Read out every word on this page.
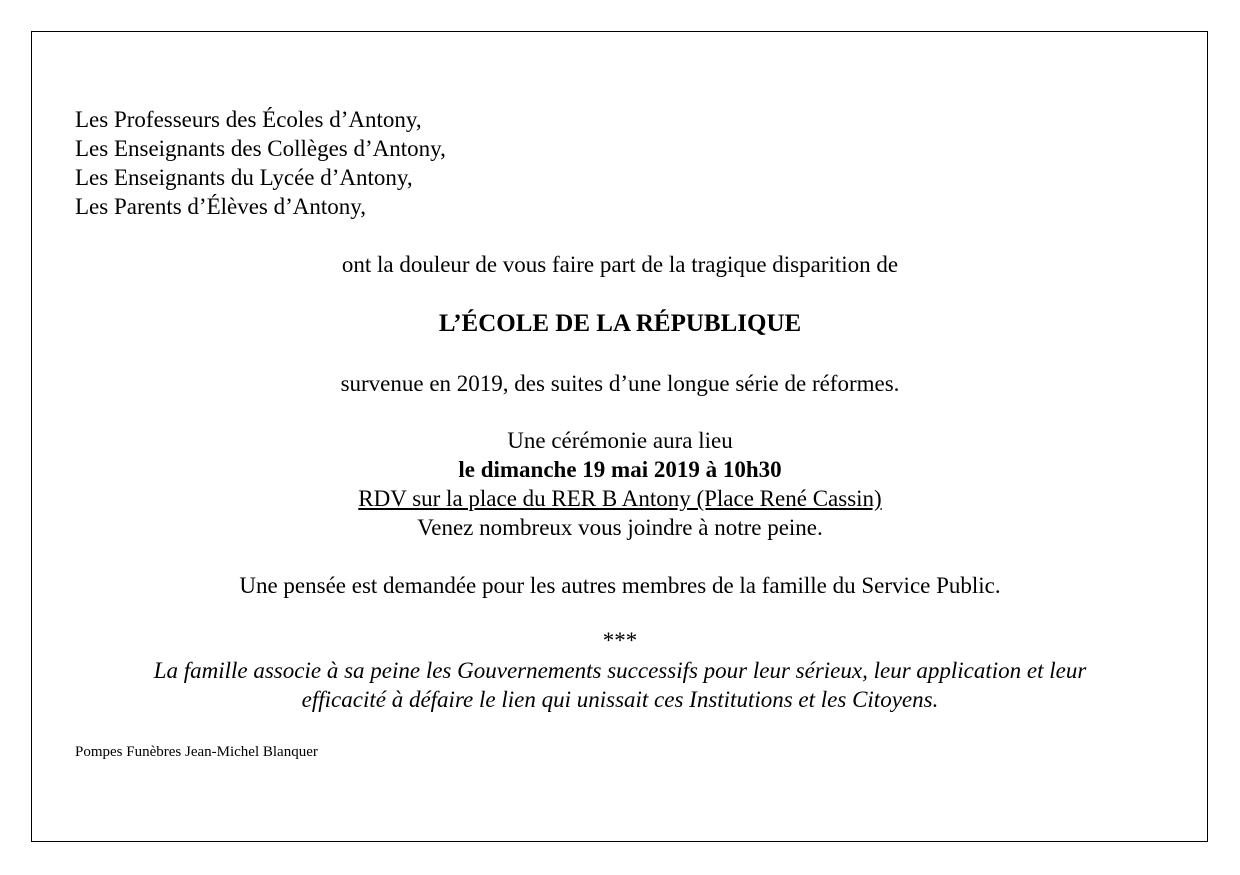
Les Professeurs des Écoles d’Antony,
Les Enseignants des Collèges d’Antony,
Les Enseignants du Lycée d’Antony,
Les Parents d’Élèves d’Antony,
ont la douleur de vous faire part de la tragique disparition de
L’ÉCOLE DE LA RÉPUBLIQUE
survenue en 2019, des suites d’une longue série de réformes.
Une cérémonie aura lieu
le dimanche 19 mai 2019 à 10h30
RDV sur la place du RER B Antony (Place René Cassin)
Venez nombreux vous joindre à notre peine.
Une pensée est demandée pour les autres membres de la famille du Service Public.
***
La famille associe à sa peine les Gouvernements successifs pour leur sérieux, leur application et leur
efficacité à défaire le lien qui unissait ces Institutions et les Citoyens.
Pompes Funèbres Jean-Michel Blanquer
